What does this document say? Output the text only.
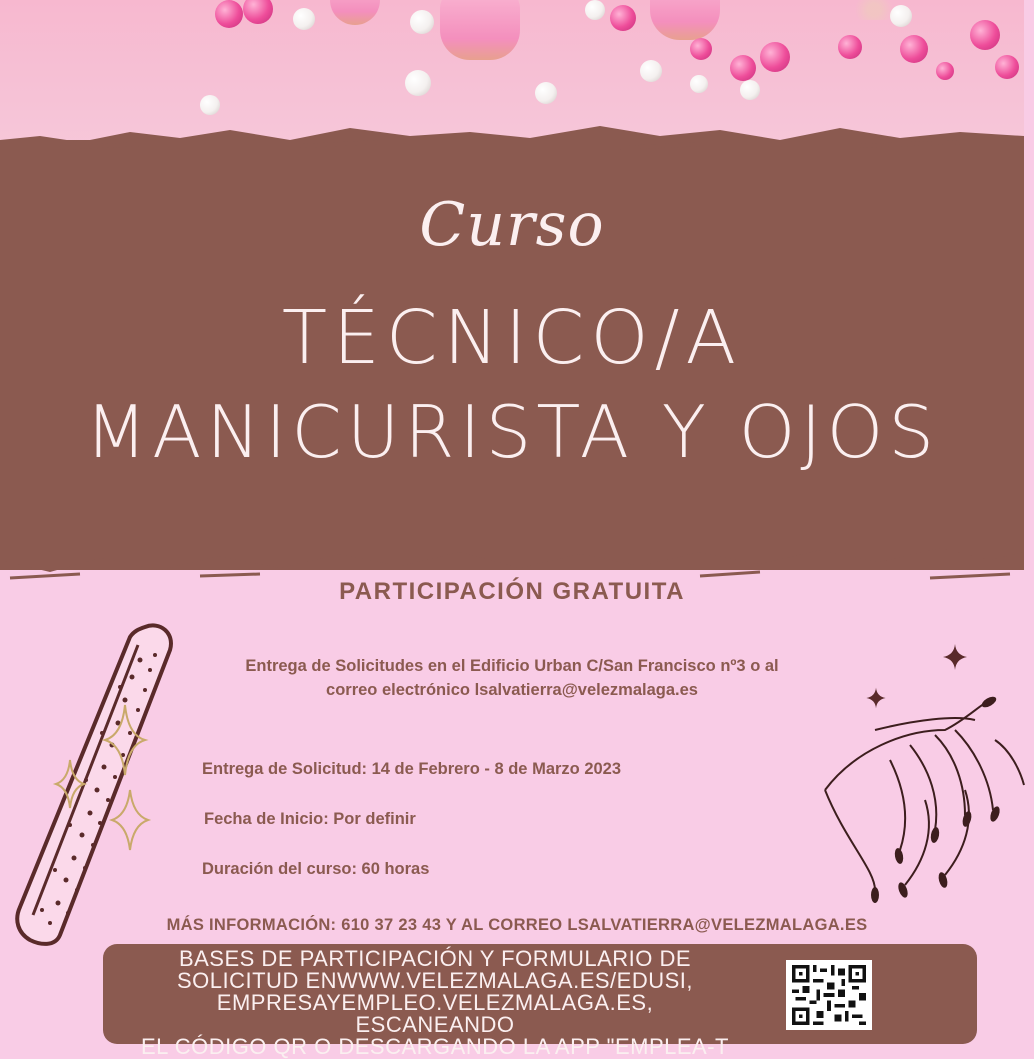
Curso
TÉCNICO/A
MANICURISTA Y OJOS
PARTICIPACIÓN GRATUITA
Entrega de Solicitudes en el Edificio Urban C/San Francisco nº3 o al
correo electrónico lsalvatierra@velezmalaga.es
Entrega de Solicitud: 14 de Febrero - 8 de Marzo 2023
Fecha de Inicio: Por definir
Duración del curso: 60 horas
MÁS INFORMACIÓN: 610 37 23 43 Y AL CORREO LSALVATIERRA@VELEZMALAGA.ES
BASES DE PARTICIPACIÓN Y FORMULARIO DE
SOLICITUD ENWWW.VELEZMALAGA.ES/EDUSI,
EMPRESAYEMPLEO.VELEZMALAGA.ES, ESCANEANDO
EL CÓDIGO QR O DESCARGANDO LA APP "EMPLEA-T
